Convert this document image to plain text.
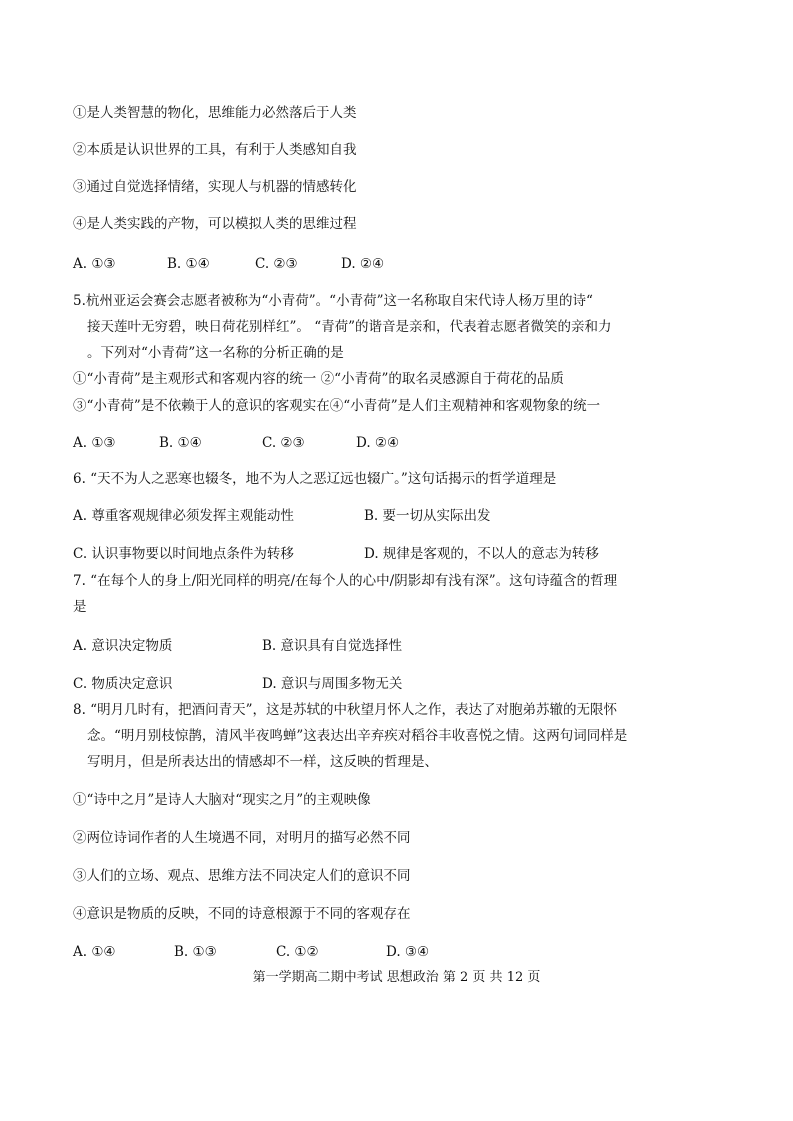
①是人类智慧的物化，思维能力必然落后于人类
②本质是认识世界的工具，有利于人类感知自我
③通过自觉选择情绪，实现人与机器的情感转化
④是人类实践的产物，可以模拟人类的思维过程
A. ①③	B. ①④	C. ②③	D. ②④
5.杭州亚运会赛会志愿者被称为“小青荷”。“小青荷”这一名称取自宋代诗人杨万里的诗“
接天莲叶无穷碧，映日荷花别样红”。 “青荷”的谐音是亲和，代表着志愿者微笑的亲和力
。下列对“小青荷”这一名称的分析正确的是
①“小青荷”是主观形式和客观内容的统一 ②“小青荷”的取名灵感源自于荷花的品质
③“小青荷”是不依赖于人的意识的客观实在④“小青荷”是人们主观精神和客观物象的统一
A. ①③	B. ①④	C. ②③	D. ②④
6. “天不为人之恶寒也辍冬，地不为人之恶辽远也辍广。”这句话揭示的哲学道理是
A. 尊重客观规律必须发挥主观能动性	B. 要一切从实际出发
C. 认识事物要以时间地点条件为转移	D. 规律是客观的，不以人的意志为转移
7. “在每个人的身上/阳光同样的明亮/在每个人的心中/阴影却有浅有深”。这句诗蕴含的哲理
是
A. 意识决定物质	B. 意识具有自觉选择性
C. 物质决定意识	D. 意识与周围多物无关
8. “明月几时有，把酒问青天”，这是苏轼的中秋望月怀人之作，表达了对胞弟苏辙的无限怀
念。“明月别枝惊鹊，清风半夜鸣蝉”这表达出辛弃疾对稻谷丰收喜悦之情。这两句词同样是
写明月，但是所表达出的情感却不一样，这反映的哲理是、
①“诗中之月”是诗人大脑对“现实之月”的主观映像
②两位诗词作者的人生境遇不同，对明月的描写必然不同
③人们的立场、观点、思维方法不同决定人们的意识不同
④意识是物质的反映，不同的诗意根源于不同的客观存在
A. ①④	B. ①③	C. ①②	D. ③④
第一学期高二期中考试 思想政治 第 2 页 共 12 页
